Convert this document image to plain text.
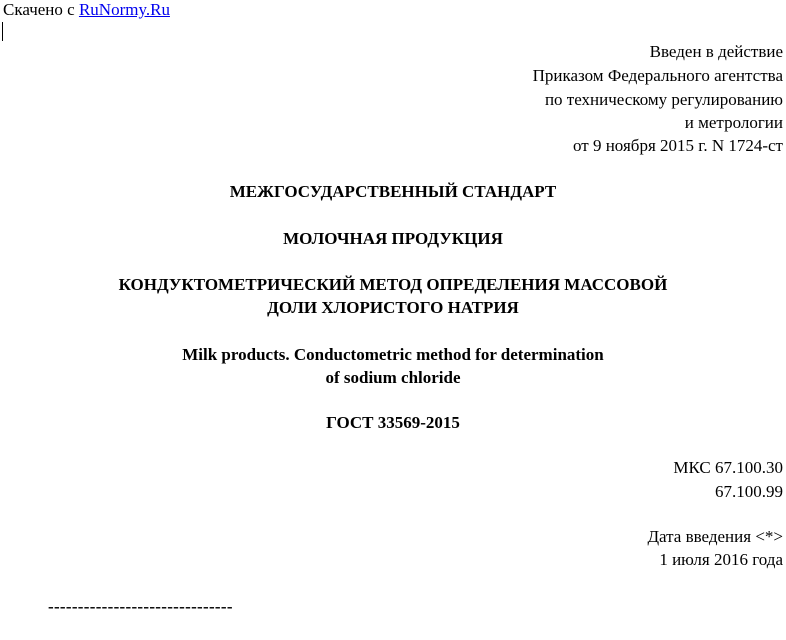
Скачено с RuNormy.Ru
Введен в действие
Приказом Федерального агентства
по техническому регулированию
и метрологии
от 9 ноября 2015 г. N 1724-ст
МЕЖГОСУДАРСТВЕННЫЙ СТАНДАРТ
МОЛОЧНАЯ ПРОДУКЦИЯ
КОНДУКТОМЕТРИЧЕСКИЙ МЕТОД ОПРЕДЕЛЕНИЯ МАССОВОЙ
ДОЛИ ХЛОРИСТОГО НАТРИЯ
Milk products. Conductometric method for determination
of sodium chloride
ГОСТ 33569-2015
МКС 67.100.30
67.100.99
Дата введения <*>
1 июля 2016 года
-------------------------------
